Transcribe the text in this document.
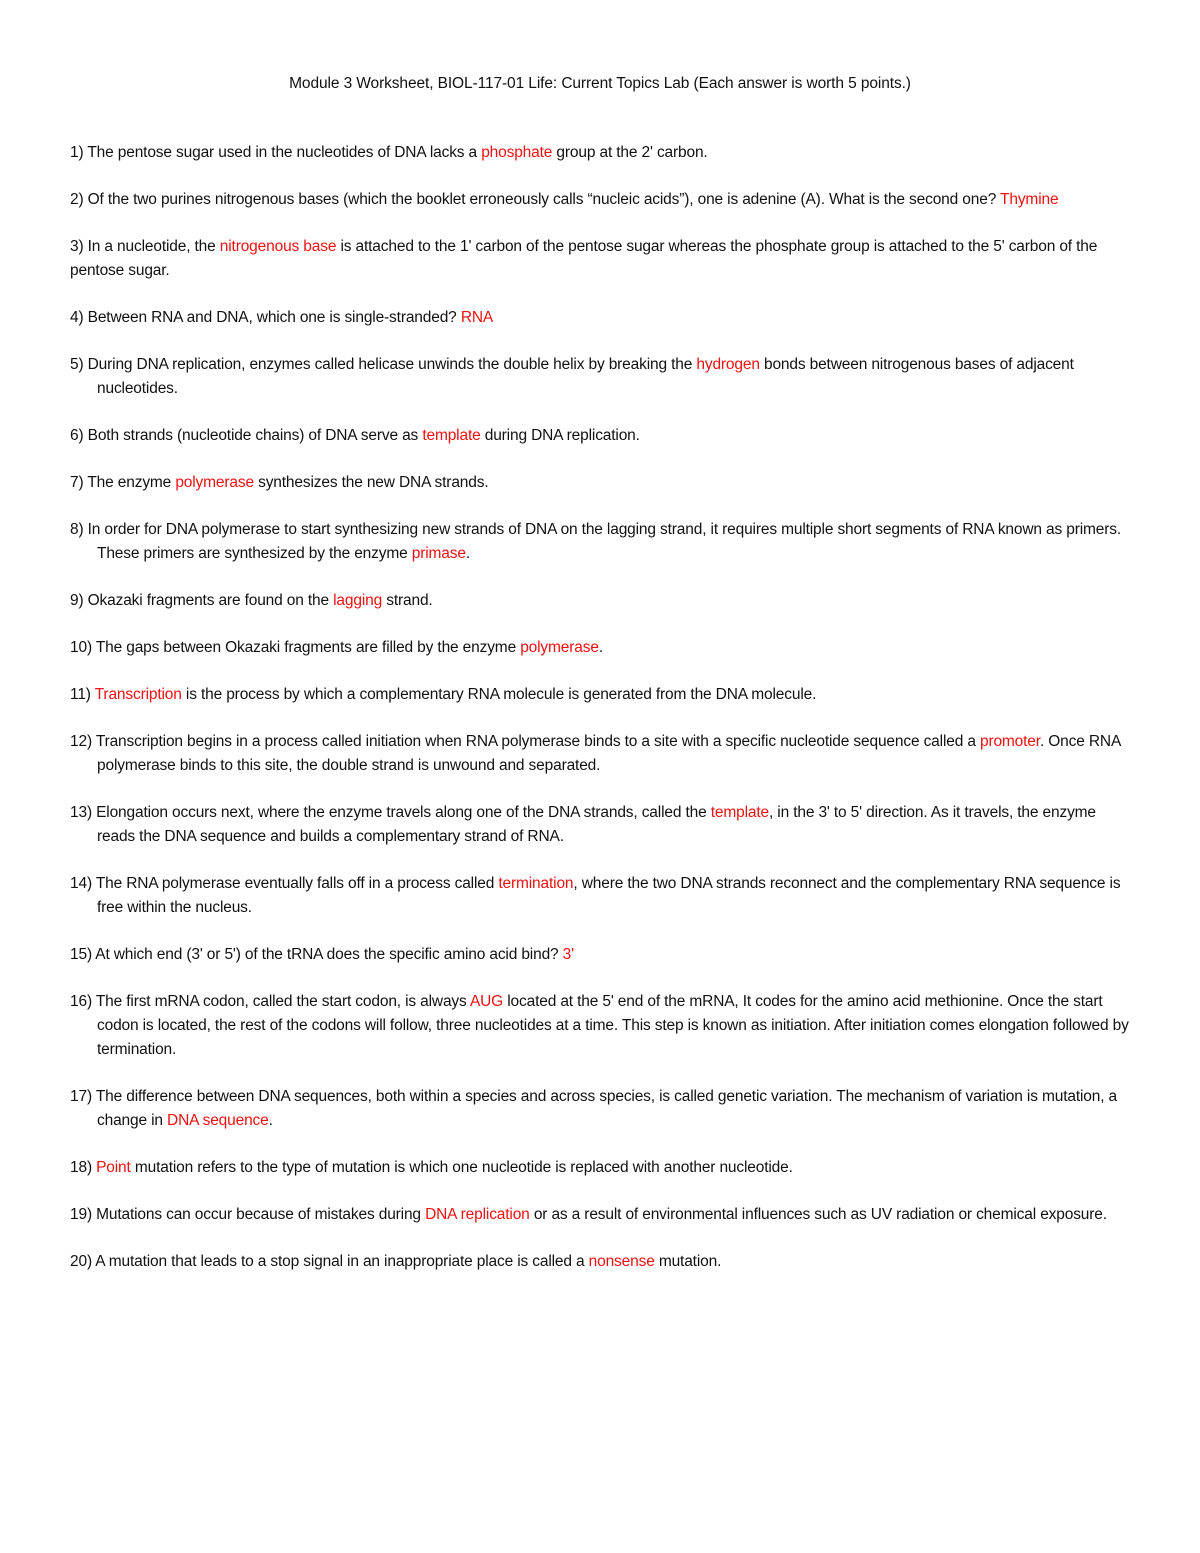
Module 3 Worksheet, BIOL-117-01 Life: Current Topics Lab (Each answer is worth 5 points.)
1) The pentose sugar used in the nucleotides of DNA lacks a phosphate group at the 2' carbon.
2) Of the two purines nitrogenous bases (which the booklet erroneously calls “nucleic acids”), one is adenine (A). What is the second one? Thymine
3) In a nucleotide, the nitrogenous base is attached to the 1' carbon of the pentose sugar whereas the phosphate group is attached to the 5' carbon of the pentose sugar.
4) Between RNA and DNA, which one is single-stranded? RNA
5) During DNA replication, enzymes called helicase unwinds the double helix by breaking the hydrogen bonds between nitrogenous bases of adjacent nucleotides.
6) Both strands (nucleotide chains) of DNA serve as template during DNA replication.
7) The enzyme polymerase synthesizes the new DNA strands.
8) In order for DNA polymerase to start synthesizing new strands of DNA on the lagging strand, it requires multiple short segments of RNA known as primers. These primers are synthesized by the enzyme primase.
9) Okazaki fragments are found on the lagging strand.
10) The gaps between Okazaki fragments are filled by the enzyme polymerase.
11) Transcription is the process by which a complementary RNA molecule is generated from the DNA molecule.
12) Transcription begins in a process called initiation when RNA polymerase binds to a site with a specific nucleotide sequence called a promoter. Once RNA polymerase binds to this site, the double strand is unwound and separated.
13) Elongation occurs next, where the enzyme travels along one of the DNA strands, called the template, in the 3' to 5' direction. As it travels, the enzyme reads the DNA sequence and builds a complementary strand of RNA.
14) The RNA polymerase eventually falls off in a process called termination, where the two DNA strands reconnect and the complementary RNA sequence is free within the nucleus.
15) At which end (3' or 5') of the tRNA does the specific amino acid bind? 3'
16) The first mRNA codon, called the start codon, is always AUG located at the 5' end of the mRNA, It codes for the amino acid methionine. Once the start codon is located, the rest of the codons will follow, three nucleotides at a time. This step is known as initiation. After initiation comes elongation followed by termination.
17) The difference between DNA sequences, both within a species and across species, is called genetic variation. The mechanism of variation is mutation, a change in DNA sequence.
18) Point mutation refers to the type of mutation is which one nucleotide is replaced with another nucleotide.
19) Mutations can occur because of mistakes during DNA replication or as a result of environmental influences such as UV radiation or chemical exposure.
20) A mutation that leads to a stop signal in an inappropriate place is called a nonsense mutation.
